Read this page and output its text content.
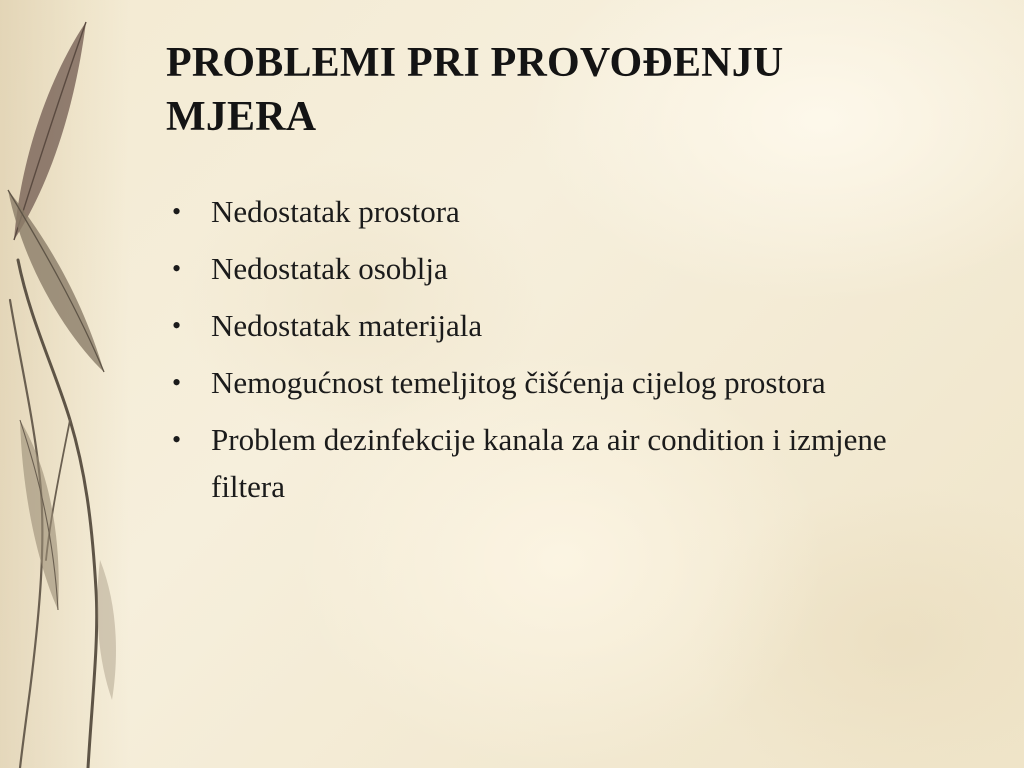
PROBLEMI PRI PROVOĐENJU
MJERA
• Nedostatak prostora
• Nedostatak osoblja
• Nedostatak materijala
• Nemogućnost temeljitog čišćenja cijelog prostora
• Problem dezinfekcije kanala za air condition i izmjene filtera
